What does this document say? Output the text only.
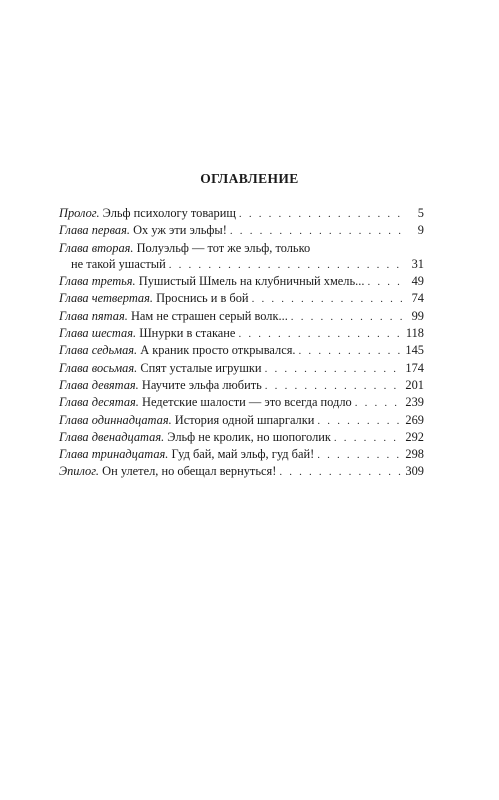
ОГЛАВЛЕНИЕ
Пролог.
Эльф психологу товарищ . . .	5
Глава первая.
Ох уж эти эльфы! . . .	9
Глава вторая.
Полуэльф — тот же эльф, только
не такой ушастый . . .	31
Глава третья.
Пушистый Шмель на клубничный хмель... . . .	49
Глава четвертая.
Проснись и в бой . . .	74
Глава пятая.
Нам не страшен серый волк... . . .	99
Глава шестая.
Шнурки в стакане . . .	118
Глава седьмая.
А краник просто открывался. . . .	145
Глава восьмая.
Спят усталые игрушки . . .	174
Глава девятая.
Научите эльфа любить . . .	201
Глава десятая.
Недетские шалости — это всегда подло . . .	239
Глава одиннадцатая.
История одной шпаргалки . . .	269
Глава двенадцатая.
Эльф не кролик, но шопоголик . . .	292
Глава тринадцатая.
Гуд бай, май эльф, гуд бай! . . .	298
Эпилог.
Он улетел, но обещал вернуться! . . .	309
